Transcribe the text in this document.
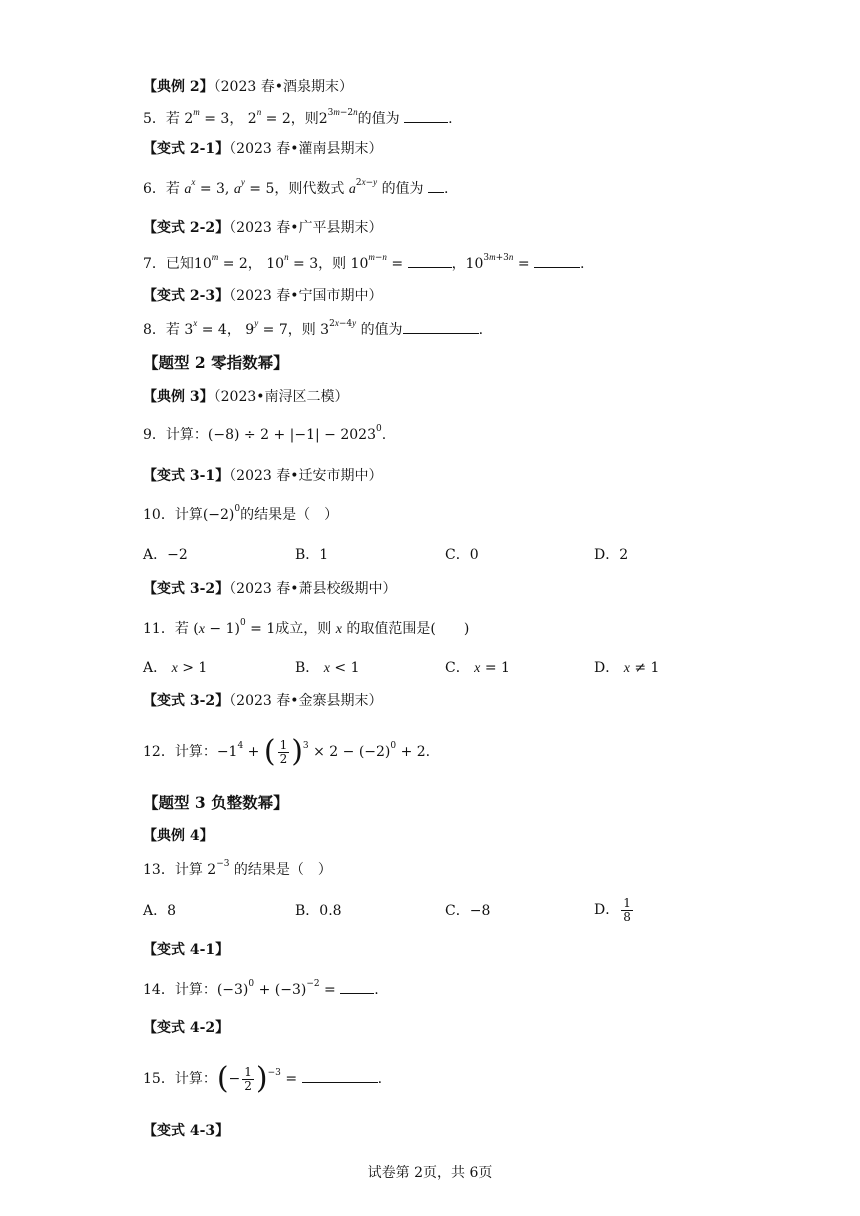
【典例 2】（2023 春•酒泉期末）
5．若 $2^m = 3$， $2^n = 2$，则$2^{3m-2n}$的值为	.
【变式 2-1】（2023 春•灌南县期末）
6．若 $a^x = 3$, $a^y = 5$，则代数式 $a^{2x-y}$ 的值为 .
【变式 2-2】（2023 春•广平县期末）
7．已知$10^m = 2$， $10^n = 3$，则 $10^{m-n}$ =	，$10^{3m+3n}$ =	.
【变式 2-3】（2023 春•宁国市期中）
8．若 $3^x = 4$， $9^y = 7$，则 $3^{2x-4y}$ 的值为	.
【题型 2 零指数幂】
【典例 3】（2023•南浔区二模）
9．计算：$(-8) \div 2 + |-1| - 2023^0$.
【变式 3-1】（2023 春•迁安市期中）
10．计算$(-2)^0$的结果是（　）
A．−2	B．1	C．0	D．2
【变式 3-2】（2023 春•萧县校级期中）
11．若 $(x - 1)^0 = 1$成立，则 x 的取值范围是(　　)
A． x > 1	B． x < 1	C． x = 1	D． x ≠ 1
【变式 3-2】（2023 春•金寨县期末）
12．计算：$-1^4$ + ( $\frac{1}{2} )^3 \times 2 - (-2)^0 + 2$.
【题型 3 负整数幂】
【典例 4】
13．计算 $2^{-3}$ 的结果是（　）
A．8	B．0.8	C．−8	D． $\frac{1}{8}$
【变式 4-1】
14．计算：$(-3)^0 + (-3)^{-2}$ = .
【变式 4-2】
15．计算：(− $\frac{1}{2} )^{-3}$ =	.
【变式 4-3】
试卷第 2页，共 6页
